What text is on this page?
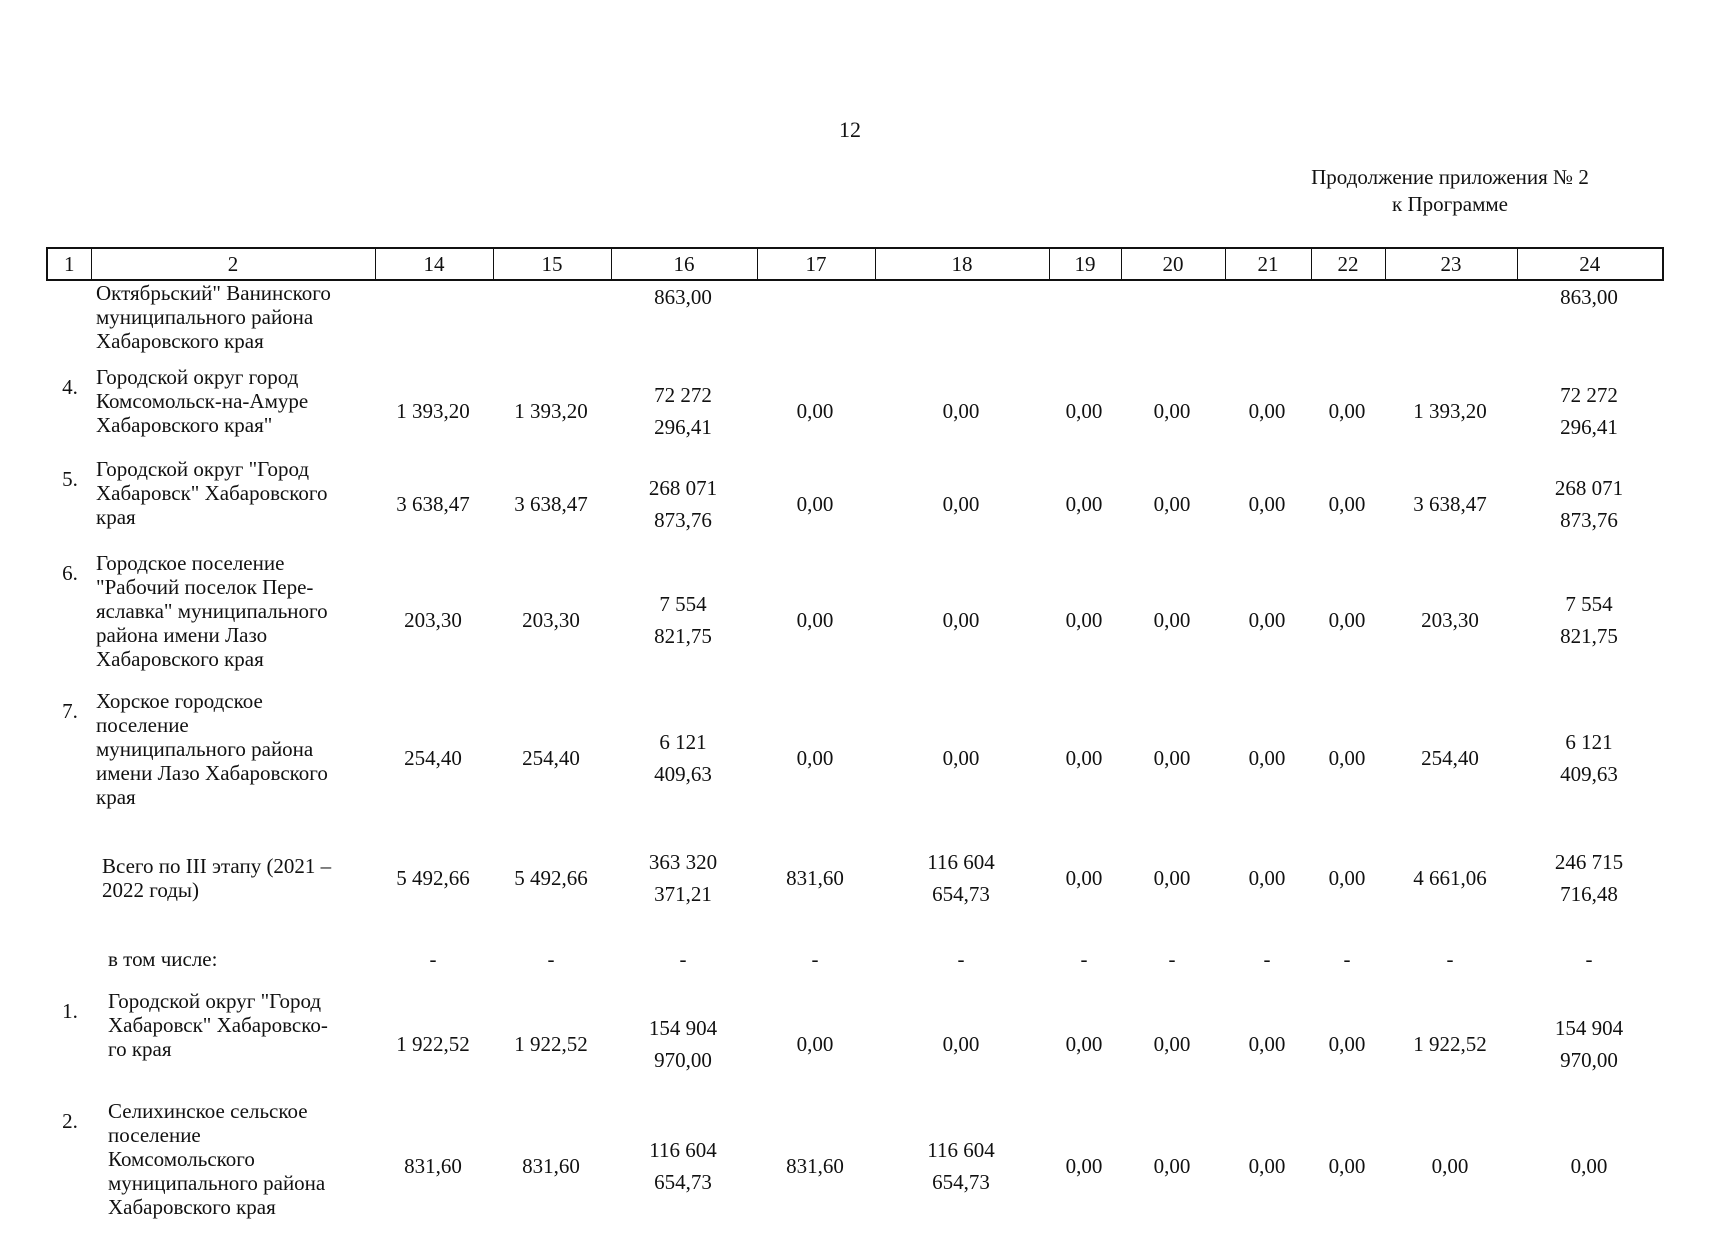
12
Продолжение приложения № 2
к Программе
1	2	14	15	16	17	18	19	20	21	22	23	24

	Октябрьский" Ванинского
муниципального района
Хабаровского края			863,00								863,00

4.	Городской округ город
Комсомольск-на-Амуре
Хабаровского края"	1 393,20	1 393,20	72 272
296,41	0,00	0,00	0,00	0,00	0,00	0,00	1 393,20	72 272
296,41

5.	Городской округ "Город
Хабаровск" Хабаровского
края	3 638,47	3 638,47	268 071
873,76	0,00	0,00	0,00	0,00	0,00	0,00	3 638,47	268 071
873,76

6.	Городское поселение
"Рабочий поселок Пере-
яславка" муниципального
района имени Лазо
Хабаровского края	203,30	203,30	7 554
821,75	0,00	0,00	0,00	0,00	0,00	0,00	203,30	7 554
821,75

7.	Хорское городское
поселение
муниципального района
имени Лазо Хабаровского
края	254,40	254,40	6 121
409,63	0,00	0,00	0,00	0,00	0,00	0,00	254,40	6 121
409,63

	Всего по III этапу (2021 –
2022 годы)	5 492,66	5 492,66	363 320
371,21	831,60	116 604
654,73	0,00	0,00	0,00	0,00	4 661,06	246 715
716,48

	в том числе:	-	-	-	-	-	-	-	-	-	-	-

1.	Городской округ "Город
Хабаровск" Хабаровско-
го края	1 922,52	1 922,52	154 904
970,00	0,00	0,00	0,00	0,00	0,00	0,00	1 922,52	154 904
970,00

2.	Селихинское сельское
поселение
Комсомольского
муниципального района
Хабаровского края	831,60	831,60	116 604
654,73	831,60	116 604
654,73	0,00	0,00	0,00	0,00	0,00	0,00
